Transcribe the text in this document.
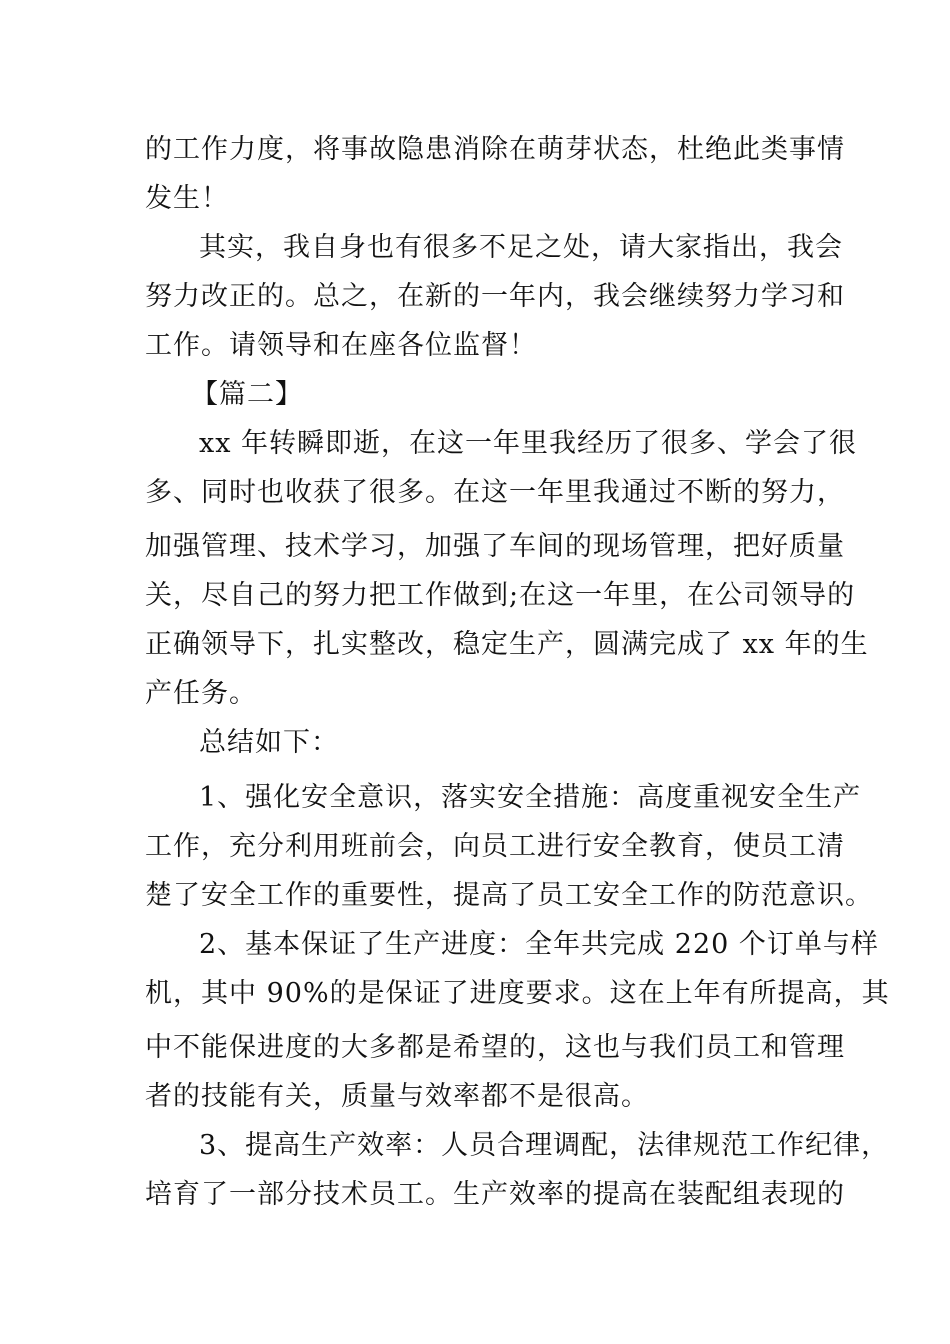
的工作力度，将事故隐患消除在萌芽状态，杜绝此类事情
发生！
其实，我自身也有很多不足之处，请大家指出，我会
努力改正的。总之，在新的一年内，我会继续努力学习和
工作。请领导和在座各位监督！
【篇二】
xx 年转瞬即逝，在这一年里我经历了很多、学会了很
多、同时也收获了很多。在这一年里我通过不断的努力，
加强管理、技术学习，加强了车间的现场管理，把好质量
关，尽自己的努力把工作做到;在这一年里，在公司领导的
正确领导下，扎实整改，稳定生产，圆满完成了 xx 年的生
产任务。
总结如下：
1、强化安全意识，落实安全措施：高度重视安全生产
工作，充分利用班前会，向员工进行安全教育，使员工清
楚了安全工作的重要性，提高了员工安全工作的防范意识。
2、基本保证了生产进度：全年共完成 220 个订单与样
机，其中 90%的是保证了进度要求。这在上年有所提高，其
中不能保进度的大多都是希望的，这也与我们员工和管理
者的技能有关，质量与效率都不是很高。
3、提高生产效率：人员合理调配，法律规范工作纪律，
培育了一部分技术员工。生产效率的提高在装配组表现的
